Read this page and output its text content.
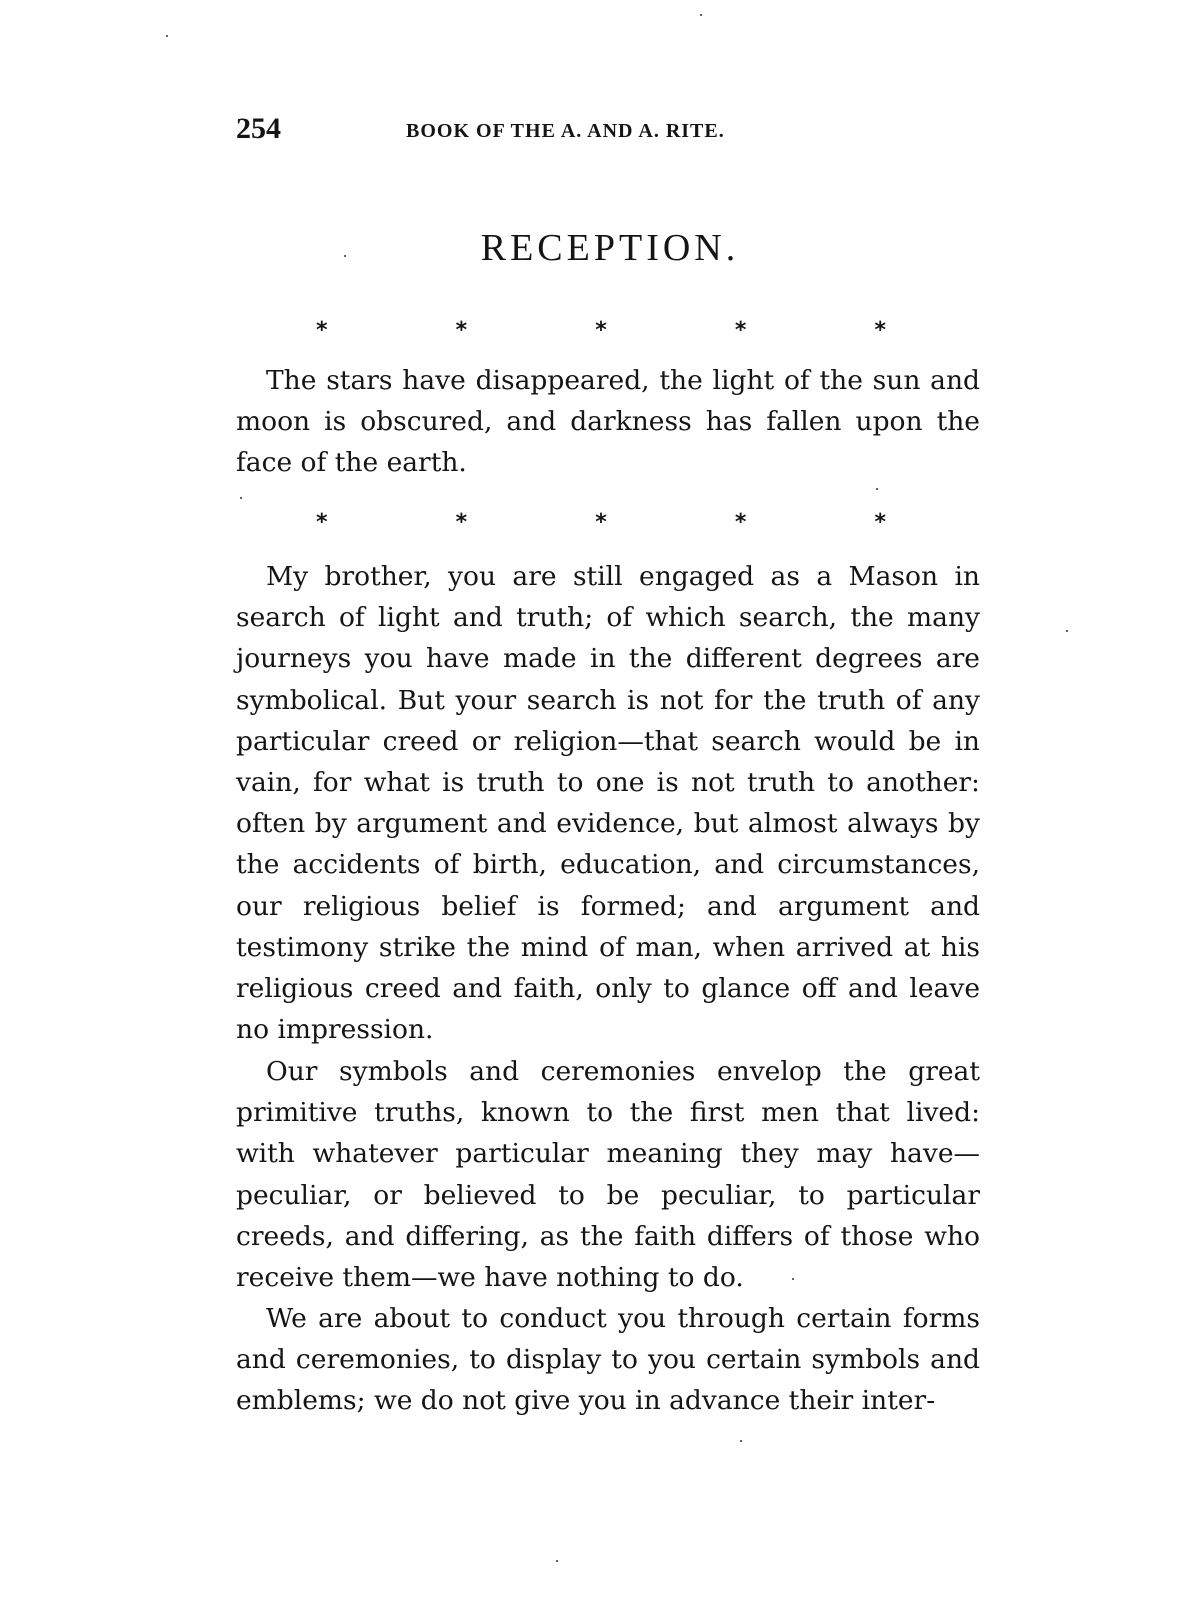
254	BOOK OF THE A. AND A. RITE.
RECEPTION.
*	*	*	*	*

The stars have disappeared, the light of the sun and moon is obscured, and darkness has fallen upon the face of the earth.

*	*	*	*	*

My brother, you are still engaged as a Mason in search of light and truth; of which search, the many journeys you have made in the different degrees are symbolical. But your search is not for the truth of any particular creed or religion—that search would be in vain, for what is truth to one is not truth to another: often by argument and evidence, but almost always by the accidents of birth, education, and circumstances, our religious belief is formed; and argument and testimony strike the mind of man, when arrived at his religious creed and faith, only to glance off and leave no impression.

Our symbols and ceremonies envelop the great primitive truths, known to the first men that lived: with whatever particular meaning they may have—peculiar, or believed to be peculiar, to particular creeds, and differing, as the faith differs of those who receive them—we have nothing to do.

We are about to conduct you through certain forms and ceremonies, to display to you certain symbols and emblems; we do not give you in advance their inter-
